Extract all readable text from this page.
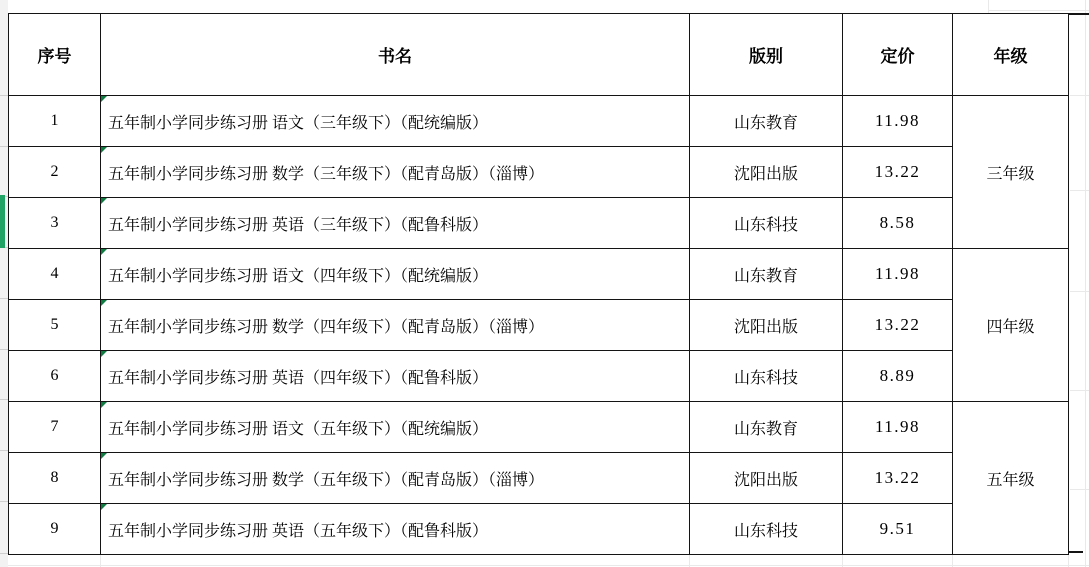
序号	书名	版别	定价	年级
1	五年制小学同步练习册 语文（三年级下）（配统编版）	山东教育	11.98	三年级
2	五年制小学同步练习册 数学（三年级下）（配青岛版）（淄博）	沈阳出版	13.22	
3	五年制小学同步练习册 英语（三年级下）（配鲁科版）	山东科技	8.58	
4	五年制小学同步练习册 语文（四年级下）（配统编版）	山东教育	11.98	四年级
5	五年制小学同步练习册 数学（四年级下）（配青岛版）（淄博）	沈阳出版	13.22	
6	五年制小学同步练习册 英语（四年级下）（配鲁科版）	山东科技	8.89	
7	五年制小学同步练习册 语文（五年级下）（配统编版）	山东教育	11.98	五年级
8	五年制小学同步练习册 数学（五年级下）（配青岛版）（淄博）	沈阳出版	13.22	
9	五年制小学同步练习册 英语（五年级下）（配鲁科版）	山东科技	9.51	
